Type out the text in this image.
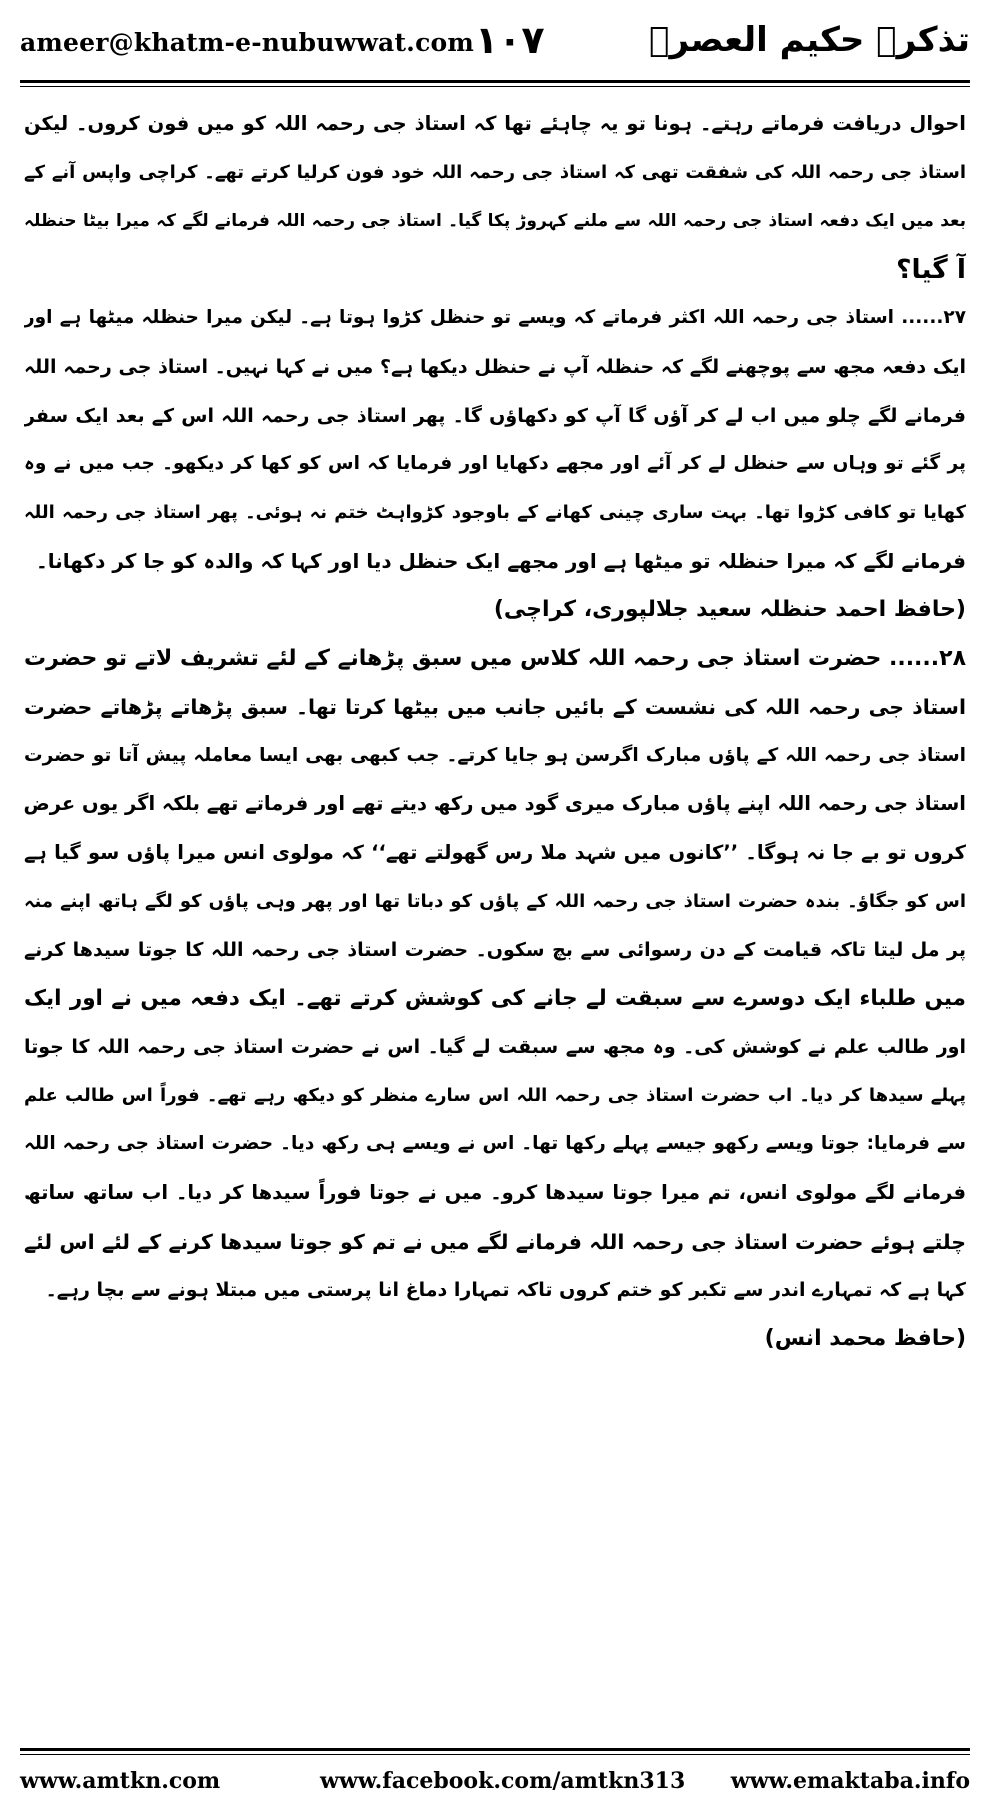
ameer@khatm-e-nubuwwat.com ۱۰۷	تذکرہ حکیم العصرؒ

احوال دریافت فرماتے رہتے۔ ہونا تو یہ چاہئے تھا کہ استاذ جی رحمہ اللہ کو میں فون کروں۔ لیکن
استاذ جی رحمہ اللہ کی شفقت تھی کہ استاذ جی رحمہ اللہ خود فون کرلیا کرتے تھے۔ کراچی واپس آنے کے
بعد میں ایک دفعہ استاذ جی رحمہ اللہ سے ملنے کہروڑ پکا گیا۔ استاذ جی رحمہ اللہ فرمانے لگے کہ میرا بیٹا حنظلہ
آ گیا؟

۲۷...... استاذ جی رحمہ اللہ اکثر فرماتے کہ ویسے تو حنظل کڑوا ہوتا ہے۔ لیکن میرا حنظلہ میٹھا ہے اور
ایک دفعہ مجھ سے پوچھنے لگے کہ حنظلہ آپ نے حنظل دیکھا ہے؟ میں نے کہا نہیں۔ استاذ جی رحمہ اللہ
فرمانے لگے چلو میں اب لے کر آؤں گا آپ کو دکھاؤں گا۔ پھر استاذ جی رحمہ اللہ اس کے بعد ایک سفر
پر گئے تو وہاں سے حنظل لے کر آئے اور مجھے دکھایا اور فرمایا کہ اس کو کھا کر دیکھو۔ جب میں نے وہ
کھایا تو کافی کڑوا تھا۔ بہت ساری چینی کھانے کے باوجود کڑواہٹ ختم نہ ہوئی۔ پھر استاذ جی رحمہ اللہ
فرمانے لگے کہ میرا حنظلہ تو میٹھا ہے اور مجھے ایک حنظل دیا اور کہا کہ والدہ کو جا کر دکھانا۔
(حافظ احمد حنظلہ سعید جلالپوری، کراچی)

۲۸...... حضرت استاذ جی رحمہ اللہ کلاس میں سبق پڑھانے کے لئے تشریف لاتے تو حضرت
استاذ جی رحمہ اللہ کی نشست کے بائیں جانب میں بیٹھا کرتا تھا۔ سبق پڑھاتے پڑھاتے حضرت
استاذ جی رحمہ اللہ کے پاؤں مبارک اگرسن ہو جایا کرتے۔ جب کبھی بھی ایسا معاملہ پیش آتا تو حضرت
استاذ جی رحمہ اللہ اپنے پاؤں مبارک میری گود میں رکھ دیتے تھے اور فرماتے تھے بلکہ اگر یوں عرض
کروں تو بے جا نہ ہوگا۔ ’’کانوں میں شہد ملا رس گھولتے تھے‘‘ کہ مولوی انس میرا پاؤں سو گیا ہے
اس کو جگاؤ۔ بندہ حضرت استاذ جی رحمہ اللہ کے پاؤں کو دباتا تھا اور پھر وہی پاؤں کو لگے ہاتھ اپنے منہ
پر مل لیتا تاکہ قیامت کے دن رسوائی سے بچ سکوں۔ حضرت استاذ جی رحمہ اللہ کا جوتا سیدھا کرنے
میں طلباء ایک دوسرے سے سبقت لے جانے کی کوشش کرتے تھے۔ ایک دفعہ میں نے اور ایک
اور طالب علم نے کوشش کی۔ وہ مجھ سے سبقت لے گیا۔ اس نے حضرت استاذ جی رحمہ اللہ کا جوتا
پہلے سیدھا کر دیا۔ اب حضرت استاذ جی رحمہ اللہ اس سارے منظر کو دیکھ رہے تھے۔ فوراً اس طالب علم
سے فرمایا: جوتا ویسے رکھو جیسے پہلے رکھا تھا۔ اس نے ویسے ہی رکھ دیا۔ حضرت استاذ جی رحمہ اللہ
فرمانے لگے مولوی انس، تم میرا جوتا سیدھا کرو۔ میں نے جوتا فوراً سیدھا کر دیا۔ اب ساتھ ساتھ
چلتے ہوئے حضرت استاذ جی رحمہ اللہ فرمانے لگے میں نے تم کو جوتا سیدھا کرنے کے لئے اس لئے
کہا ہے کہ تمہارے اندر سے تکبر کو ختم کروں تاکہ تمہارا دماغ انا پرستی میں مبتلا ہونے سے بچا رہے۔
(حافظ محمد انس)

www.amtkn.com	www.facebook.com/amtkn313 www.emaktaba.info
